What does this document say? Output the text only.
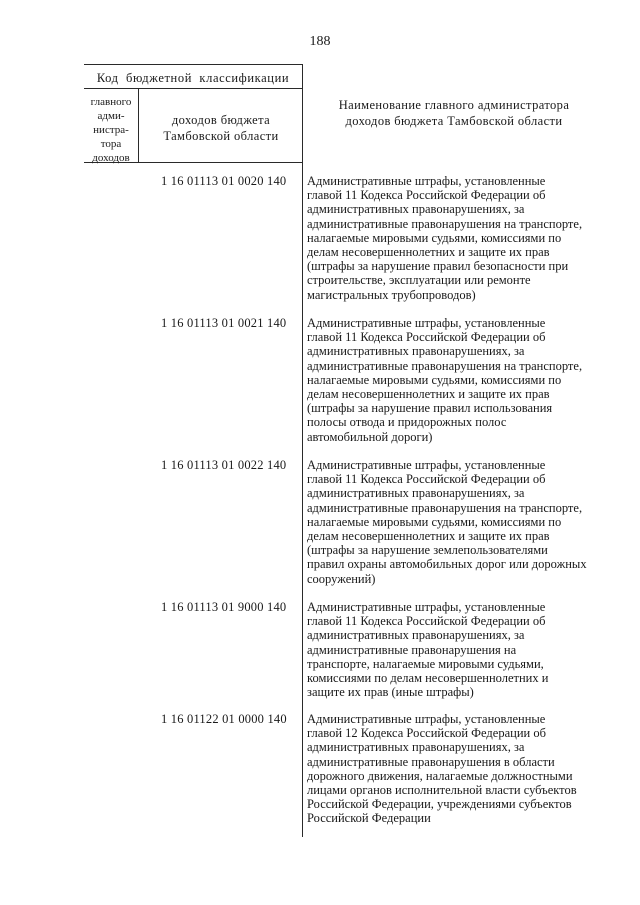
188
Код  бюджетной  классификации
главного
адми-
нистра-
тора
доходов
доходов бюджета
Тамбовской области
Наименование главного администратора
доходов бюджета Тамбовской области
1 16 01113 01 0020 140 Административные штрафы, установленные
главой 11 Кодекса Российской Федерации об
административных правонарушениях, за
административные правонарушения на транспорте,
налагаемые мировыми судьями, комиссиями по
делам несовершеннолетних и защите их прав
(штрафы за нарушение правил безопасности при
строительстве, эксплуатации или ремонте
магистральных трубопроводов)
1 16 01113 01 0021 140 Административные штрафы, установленные
главой 11 Кодекса Российской Федерации об
административных правонарушениях, за
административные правонарушения на транспорте,
налагаемые мировыми судьями, комиссиями по
делам несовершеннолетних и защите их прав
(штрафы за нарушение правил использования
полосы отвода и придорожных полос
автомобильной дороги)
1 16 01113 01 0022 140 Административные штрафы, установленные
главой 11 Кодекса Российской Федерации об
административных правонарушениях, за
административные правонарушения на транспорте,
налагаемые мировыми судьями, комиссиями по
делам несовершеннолетних и защите их прав
(штрафы за нарушение землепользователями
правил охраны автомобильных дорог или дорожных
сооружений)
1 16 01113 01 9000 140 Административные штрафы, установленные
главой 11 Кодекса Российской Федерации об
административных правонарушениях, за
административные правонарушения на
транспорте, налагаемые мировыми судьями,
комиссиями по делам несовершеннолетних и
защите их прав (иные штрафы)
1 16 01122 01 0000 140 Административные штрафы, установленные
главой 12 Кодекса Российской Федерации об
административных правонарушениях, за
административные правонарушения в области
дорожного движения, налагаемые должностными
лицами органов исполнительной власти субъектов
Российской Федерации, учреждениями субъектов
Российской Федерации
